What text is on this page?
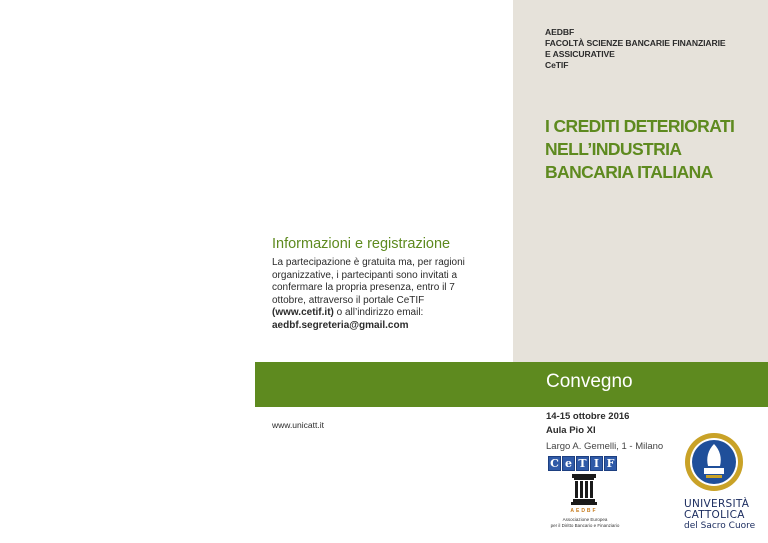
AEDBF
FACOLTÀ SCIENZE BANCARIE FINANZIARIE
E ASSICURATIVE
CeTIF
I CREDITI DETERIORATI
NELL’INDUSTRIA
BANCARIA ITALIANA
Informazioni e registrazione
La partecipazione è gratuita ma, per ragioni
organizzative, i partecipanti sono invitati a
confermare la propria presenza, entro il 7
ottobre, attraverso il portale CeTIF
(www.cetif.it) o all’indirizzo email:
aedbf.segreteria@gmail.com
Convegno
www.unicatt.it
14-15 ottobre 2016
Aula Pio XI
Largo A. Gemelli, 1 - Milano
C e T I F
AEDBF
Associazione Europea
per il Diritto Bancario e Finanziario
UNIVERSITÀ
CATTOLICA
del Sacro Cuore
